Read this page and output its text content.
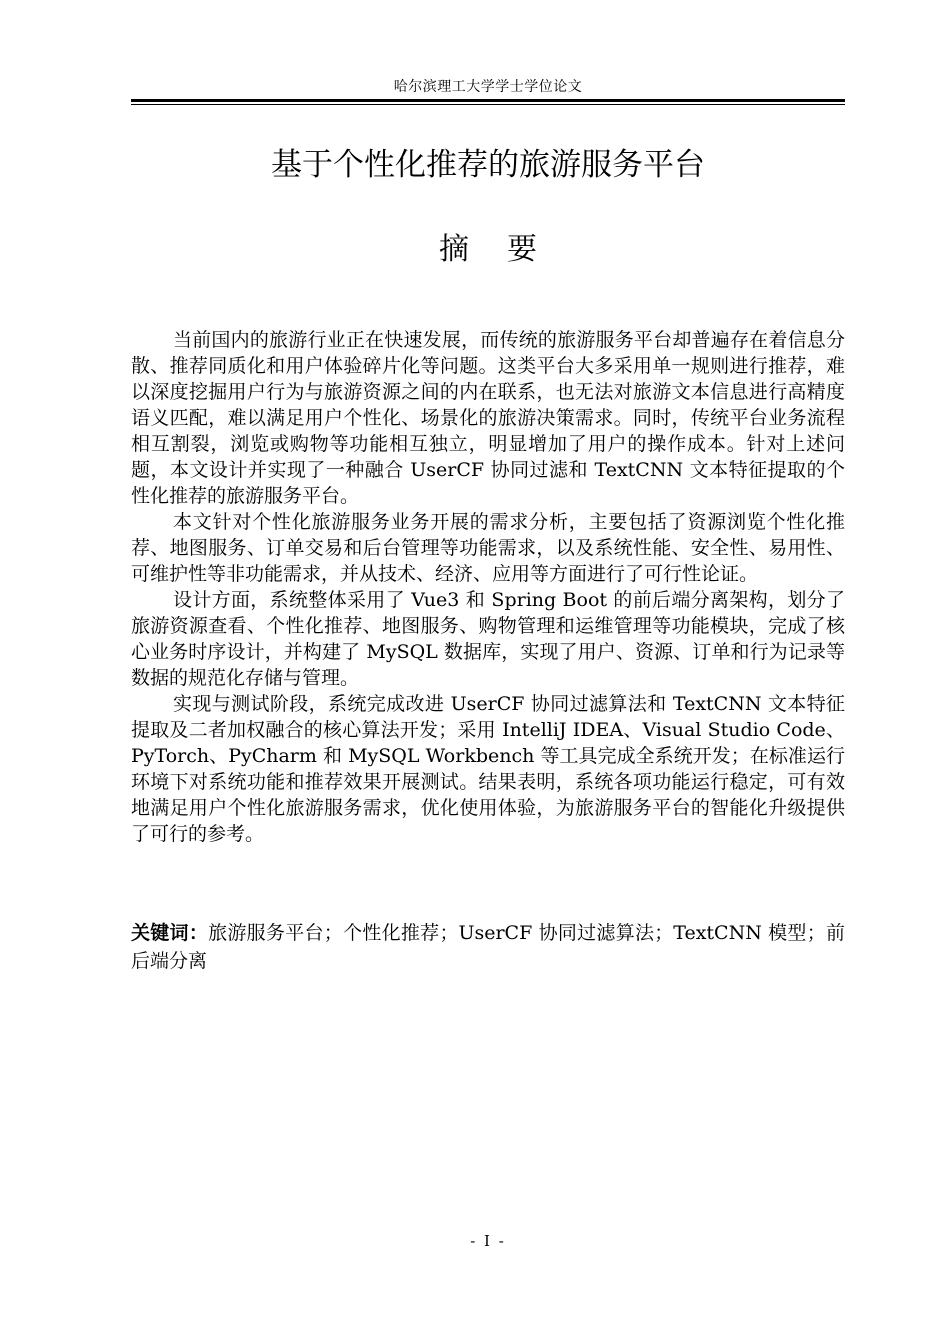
哈尔滨理工大学学士学位论文
基于个性化推荐的旅游服务平台
摘要

当前国内的旅游行业正在快速发展，而传统的旅游服务平台却普遍存在着信息分散、推荐同质化和用户体验碎片化等问题。这类平台大多采用单一规则进行推荐，难以深度挖掘用户行为与旅游资源之间的内在联系，也无法对旅游文本信息进行高精度语义匹配，难以满足用户个性化、场景化的旅游决策需求。同时，传统平台业务流程相互割裂，浏览或购物等功能相互独立，明显增加了用户的操作成本。针对上述问题，本文设计并实现了一种融合 UserCF 协同过滤和 TextCNN 文本特征提取的个性化推荐的旅游服务平台。

本文针对个性化旅游服务业务开展的需求分析，主要包括了资源浏览个性化推荐、地图服务、订单交易和后台管理等功能需求，以及系统性能、安全性、易用性、可维护性等非功能需求，并从技术、经济、应用等方面进行了可行性论证。

设计方面，系统整体采用了 Vue3 和 Spring Boot 的前后端分离架构，划分了旅游资源查看、个性化推荐、地图服务、购物管理和运维管理等功能模块，完成了核心业务时序设计，并构建了 MySQL 数据库，实现了用户、资源、订单和行为记录等数据的规范化存储与管理。

实现与测试阶段，系统完成改进 UserCF 协同过滤算法和 TextCNN 文本特征提取及二者加权融合的核心算法开发；采用 IntelliJ IDEA、Visual Studio Code、PyTorch、PyCharm 和 MySQL Workbench 等工具完成全系统开发；在标准运行环境下对系统功能和推荐效果开展测试。结果表明，系统各项功能运行稳定，可有效地满足用户个性化旅游服务需求，优化使用体验，为旅游服务平台的智能化升级提供了可行的参考。

关键词：旅游服务平台；个性化推荐；UserCF 协同过滤算法；TextCNN 模型；前后端分离

- I -
